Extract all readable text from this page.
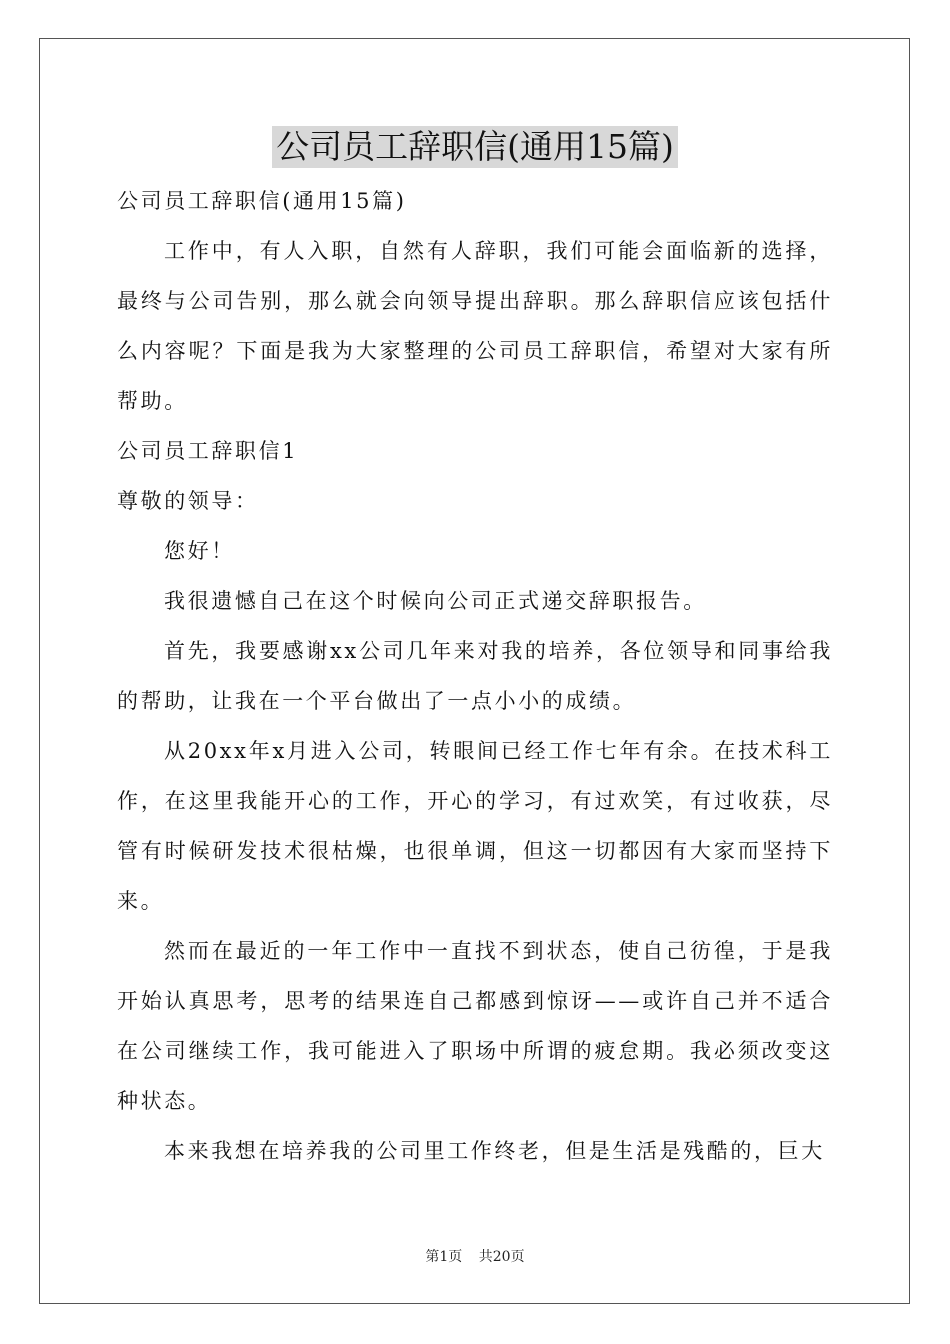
公司员工辞职信(通用15篇)

公司员工辞职信(通用15篇)

工作中，有人入职，自然有人辞职，我们可能会面临新的选择，最终与公司告别，那么就会向领导提出辞职。那么辞职信应该包括什么内容呢？下面是我为大家整理的公司员工辞职信，希望对大家有所帮助。

公司员工辞职信1

尊敬的领导：

您好！

我很遗憾自己在这个时候向公司正式递交辞职报告。

首先，我要感谢xx公司几年来对我的培养，各位领导和同事给我的帮助，让我在一个平台做出了一点小小的成绩。

从20xx年x月进入公司，转眼间已经工作七年有余。在技术科工作，在这里我能开心的工作，开心的学习，有过欢笑，有过收获，尽管有时候研发技术很枯燥，也很单调，但这一切都因有大家而坚持下来。

然而在最近的一年工作中一直找不到状态，使自己彷徨，于是我开始认真思考，思考的结果连自己都感到惊讶——或许自己并不适合在公司继续工作，我可能进入了职场中所谓的疲怠期。我必须改变这种状态。

本来我想在培养我的公司里工作终老，但是生活是残酷的，巨大

第1页 共20页
